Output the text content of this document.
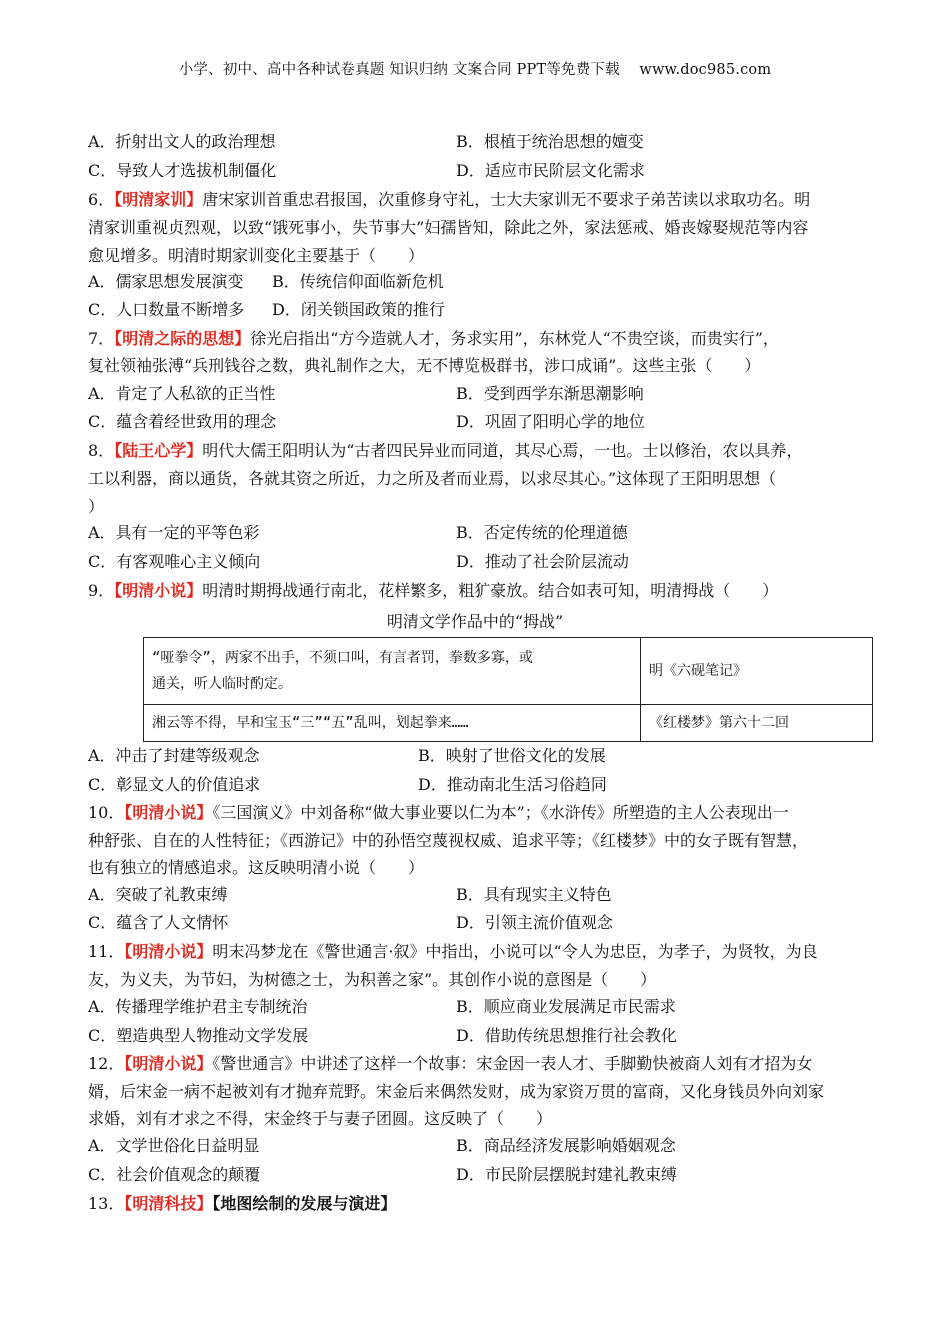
小学、初中、高中各种试卷真题 知识归纳 文案合同 PPT等免费下载　 www.doc985.com
A．折射出文人的政治理想	B．根植于统治思想的嬗变
C．导致人才选拔机制僵化	D．适应市民阶层文化需求
6．【明清家训】唐宋家训首重忠君报国，次重修身守礼，士大夫家训无不要求子弟苦读以求取功名。明
清家训重视贞烈观，以致“饿死事小，失节事大”妇孺皆知，除此之外，家法惩戒、婚丧嫁娶规范等内容
愈见增多。明清时期家训变化主要基于（　　）
A．儒家思想发展演变 B．传统信仰面临新危机
C．人口数量不断增多 D．闭关锁国政策的推行
7．【明清之际的思想】徐光启指出“方今造就人才，务求实用”，东林党人“不贵空谈，而贵实行”，
复社领袖张溥“兵刑钱谷之数，典礼制作之大，无不博览极群书，涉口成诵”。这些主张（　　）
A．肯定了人私欲的正当性	B．受到西学东渐思潮影响
C．蕴含着经世致用的理念	D．巩固了阳明心学的地位
8．【陆王心学】明代大儒王阳明认为“古者四民异业而同道，其尽心焉，一也。士以修治，农以具养，
工以利器，商以通货，各就其资之所近，力之所及者而业焉，以求尽其心。”这体现了王阳明思想（
）
A．具有一定的平等色彩	B．否定传统的伦理道德
C．有客观唯心主义倾向	D．推动了社会阶层流动
9．【明清小说】明清时期拇战通行南北，花样繁多，粗犷豪放。结合如表可知，明清拇战（　　）
明清文学作品中的“拇战”
“哑拳令”，两家不出手，不须口叫，有言者罚，拳数多寡，或
通关，听人临时酌定。	明《六砚笔记》
湘云等不得，早和宝玉“三”“五”乱叫，划起拳来……	《红楼梦》第六十二回
A．冲击了封建等级观念	B．映射了世俗文化的发展
C．彰显文人的价值追求	D．推动南北生活习俗趋同
10．【明清小说】《三国演义》中刘备称“做大事业要以仁为本”；《水浒传》所塑造的主人公表现出一
种舒张、自在的人性特征；《西游记》中的孙悟空蔑视权威、追求平等；《红楼梦》中的女子既有智慧，
也有独立的情感追求。这反映明清小说（　　）
A．突破了礼教束缚	B．具有现实主义特色
C．蕴含了人文情怀	D．引领主流价值观念
11．【明清小说】明末冯梦龙在《警世通言·叙》中指出，小说可以“令人为忠臣，为孝子，为贤牧，为良
友，为义夫，为节妇，为树德之士，为积善之家”。其创作小说的意图是（　　）
A．传播理学维护君主专制统治	B．顺应商业发展满足市民需求
C．塑造典型人物推动文学发展	D．借助传统思想推行社会教化
12．【明清小说】《警世通言》中讲述了这样一个故事：宋金因一表人才、手脚勤快被商人刘有才招为女
婿，后宋金一病不起被刘有才抛弃荒野。宋金后来偶然发财，成为家资万贯的富商，又化身钱员外向刘家
求婚，刘有才求之不得，宋金终于与妻子团圆。这反映了（　　）
A．文学世俗化日益明显	B．商品经济发展影响婚姻观念
C．社会价值观念的颠覆	D．市民阶层摆脱封建礼教束缚
13．【明清科技】【地图绘制的发展与演进】
